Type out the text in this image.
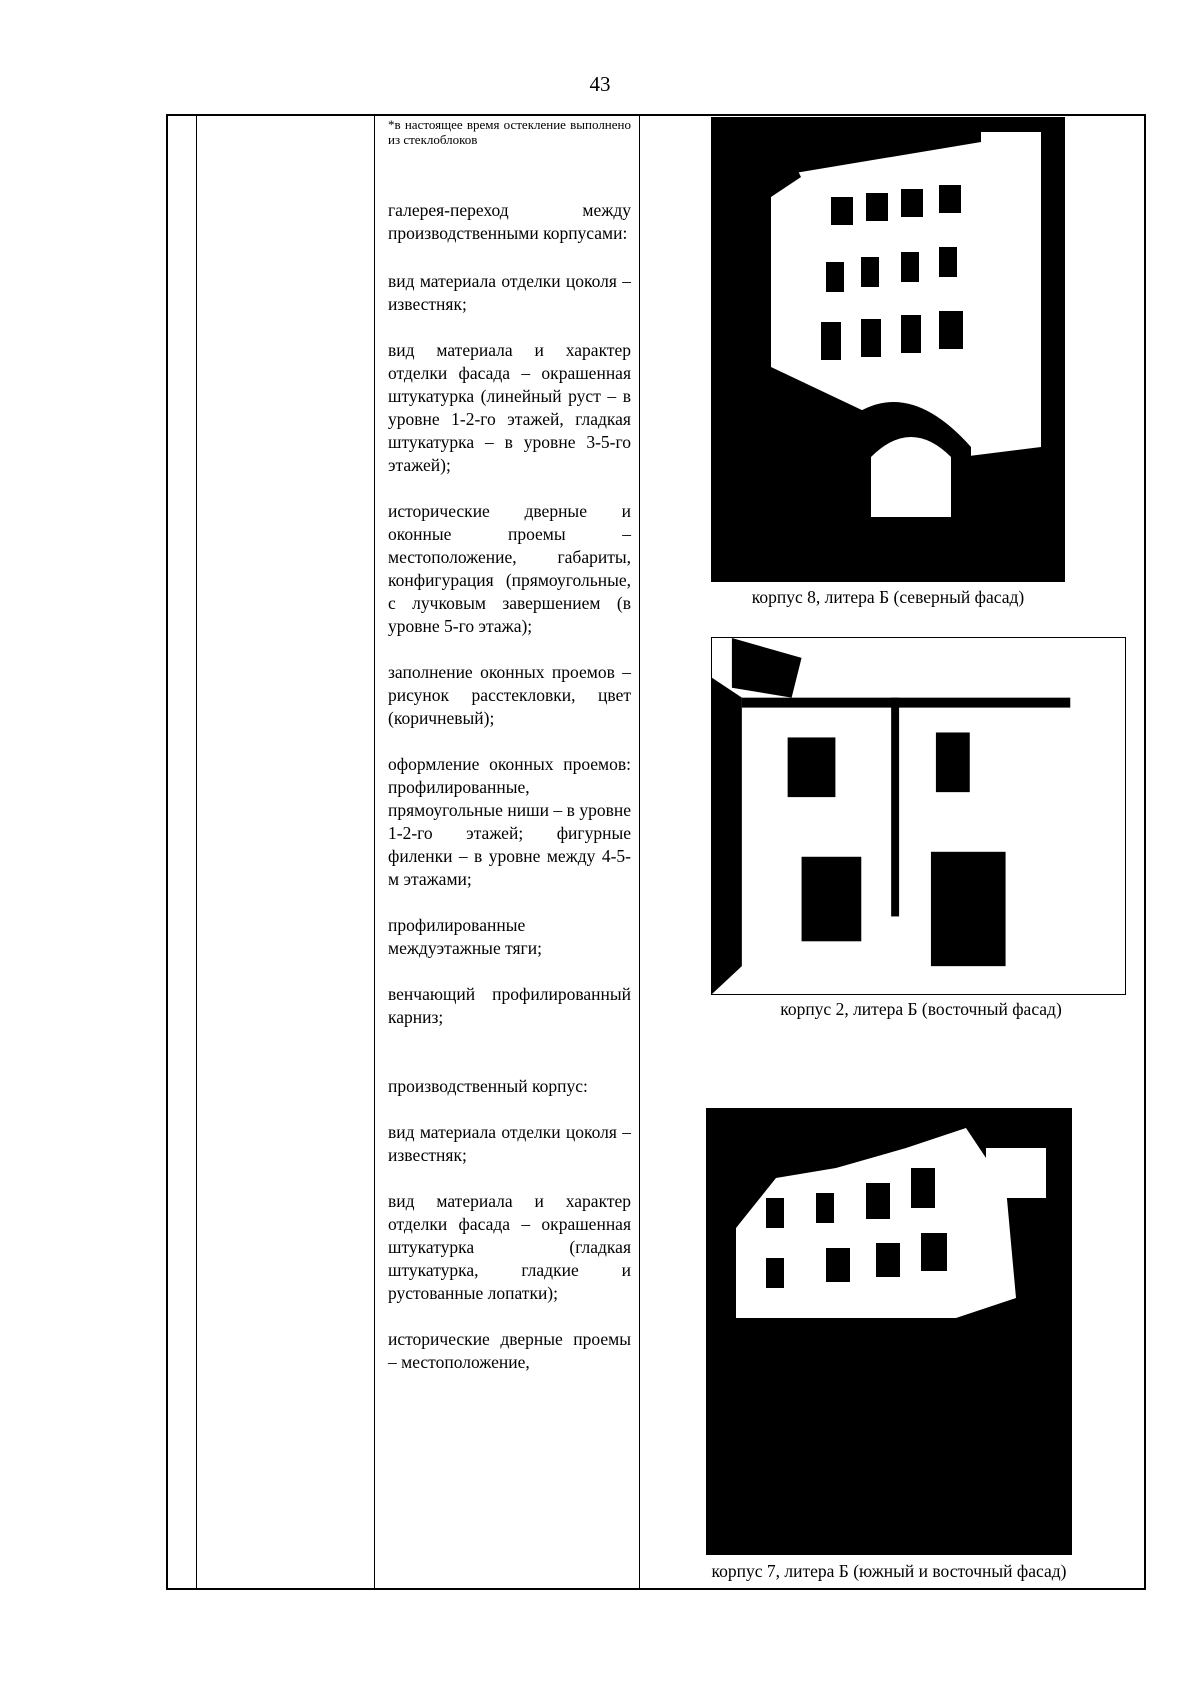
43

*в настоящее время остекление выполнено из стеклоблоков

галерея-переход между производственными корпусами:

вид материала отделки цоколя – известняк;

вид материала и характер отделки фасада – окрашенная штукатурка (линейный руст – в уровне 1-2-го этажей, гладкая штукатурка – в уровне 3-5-го этажей);

исторические дверные и оконные проемы – местоположение, габариты, конфигурация (прямоугольные, с лучковым завершением (в уровне 5-го этажа);

заполнение оконных проемов – рисунок расстекловки, цвет (коричневый);

оформление оконных проемов: профилированные, прямоугольные ниши – в уровне 1-2-го этажей; фигурные филенки – в уровне между 4-5-м этажами;

профилированные междуэтажные тяги;

венчающий профилированный карниз;

производственный корпус:

вид материала отделки цоколя – известняк;

вид материала и характер отделки фасада – окрашенная штукатурка (гладкая штукатурка, гладкие и рустованные лопатки);

исторические дверные проемы – местоположение,

корпус 8, литера Б (северный фасад)
корпус 2, литера Б (восточный фасад)
корпус 7, литера Б (южный и восточный фасад)
